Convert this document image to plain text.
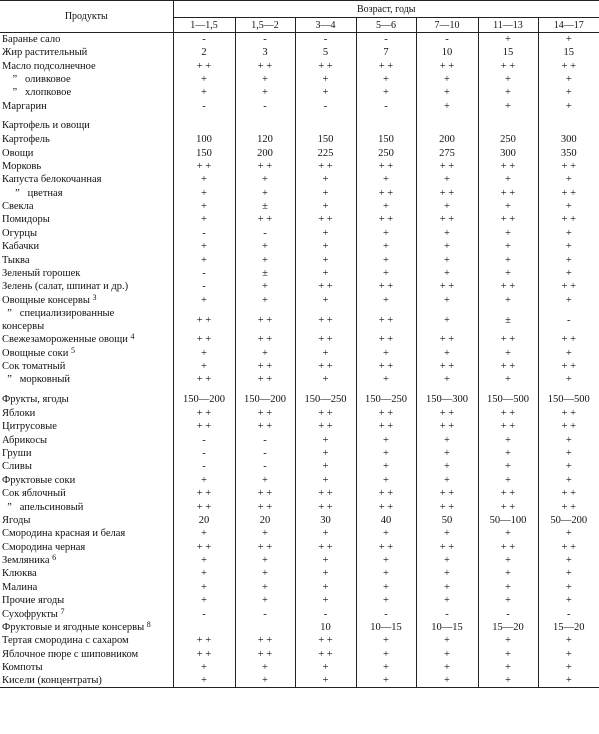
Продукты	Возраст, годы						
	1—1,5	1,5—2	3—4	5—6	7—10	11—13	14—17
Баранье сало	-	-	-	-	-	+	+
Жир растительный	2	3	5	7	10	15	15
Масло подсолнечное	+ +	+ +	+ +	+ +	+ +	+ +	+ +
”   оливковое	+	+	+	+	+	+	+
”   хлопковое	+	+	+	+	+	+	+
Маргарин	-	-	-	-	+	+	+
Картофель и овощи							
Картофель	100	120	150	150	200	250	300
Овощи	150	200	225	250	275	300	350
Морковь	+ +	+ +	+ +	+ +	+ +	+ +	+ +
Капуста белокочанная	+	+	+	+	+	+	+
”   цветная	+	+	+	+ +	+ +	+ +	+ +
Свекла	+	±	+	+	+	+	+
Помидоры	+	+ +	+ +	+ +	+ +	+ +	+ +
Огурцы	-	-	+	+	+	+	+
Кабачки	+	+	+	+	+	+	+
Тыква	+	+	+	+	+	+	+
Зеленый горошек	-	±	+	+	+	+	+
Зелень (салат, шпинат и др.)	-	+	+ +	+ +	+ +	+ +	+ +
Овощные консервы $^3$	+	+	+	+	+	+	+
”   специализированные
консервы	+ +	+ +	+ +	+ +	+	±	-
Свежезамороженные овощи $^4$	+ +	+ +	+ +	+ +	+ +	+ +	+ +
Овощные соки $^5$	+	+	+	+	+	+	+
Сок томатный	+	+ +	+ +	+ +	+ +	+ +	+ +
”   морковный	+ +	+ +	+	+	+	+	+
Фрукты, ягоды	150—200	150—200	150—250	150—250	150—300	150—500	150—500
Яблоки	+ +	+ +	+ +	+ +	+ +	+ +	+ +
Цитрусовые	+ +	+ +	+ +	+ +	+ +	+ +	+ +
Абрикосы	-	-	+	+	+	+	+
Груши	-	-	+	+	+	+	+
Сливы	-	-	+	+	+	+	+
Фруктовые соки	+	+	+	+	+	+	+
Сок яблочный	+ +	+ +	+ +	+ +	+ +	+ +	+ +
”   апельсиновый	+ +	+ +	+ +	+ +	+ +	+ +	+ +
Ягоды	20	20	30	40	50	50—100	50—200
Смородина красная и белая	+	+	+	+	+	+	+
Смородина черная	+ +	+ +	+ +	+ +	+ +	+ +	+ +
Земляника $^6$	+	+	+	+	+	+	+
Клюква	+	+	+	+	+	+	+
Малина	+	+	+	+	+	+	+
Прочие ягоды	+	+	+	+	+	+	+
Сухофрукты $^7$	-	-	-	-	-	-	-
Фруктовые и ягодные консервы $^8$			10	10—15	10—15	15—20	15—20
Тертая смородина с сахаром	+ +	+ +	+ +	+	+	+	+
Яблочное пюре с шиповником	+ +	+ +	+ +	+	+	+	+
Компоты	+	+	+	+	+	+	+
Кисели (концентраты)	+	+	+	+	+	+	+
